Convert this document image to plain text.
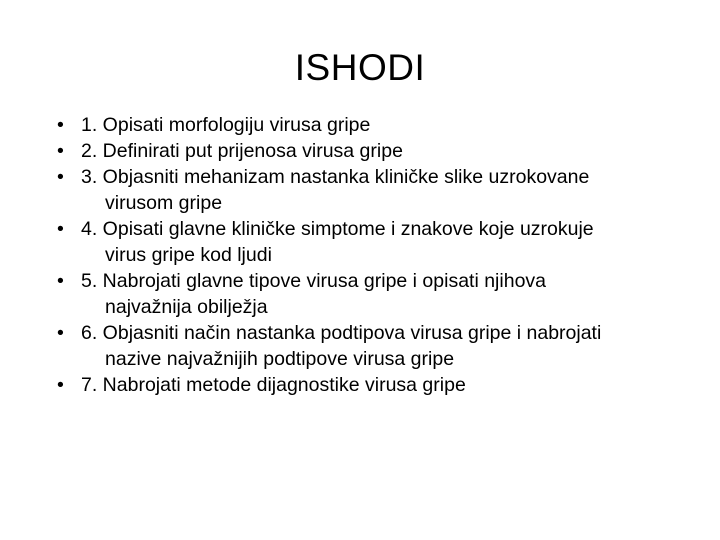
ISHODI
• 1. Opisati morfologiju virusa gripe
• 2. Definirati put prijenosa virusa gripe
• 3. Objasniti mehanizam nastanka kliničke slike uzrokovane
virusom gripe
• 4. Opisati glavne kliničke simptome i znakove koje uzrokuje
virus gripe kod ljudi
• 5. Nabrojati glavne tipove virusa gripe i opisati njihova
najvažnija obilježja
• 6. Objasniti način nastanka podtipova virusa gripe i nabrojati
nazive najvažnijih podtipove virusa gripe
• 7. Nabrojati metode dijagnostike virusa gripe
